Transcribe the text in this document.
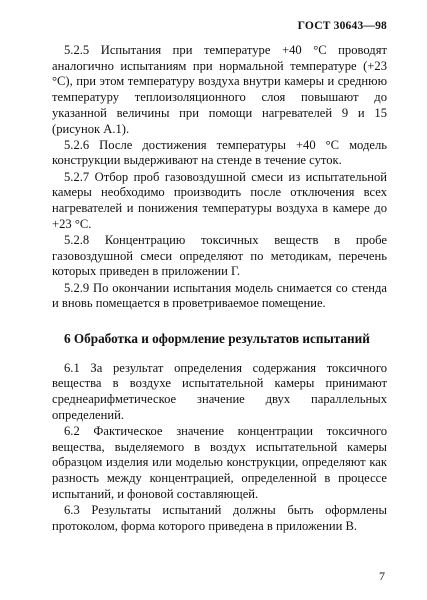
ГОСТ 30643—98

5.2.5 Испытания при температуре +40 °С проводят аналогично испытаниям при нормальной температуре (+23 °С), при этом температуру воздуха внутри камеры и среднюю температуру теплоизоляционного слоя повышают до указанной величины при помощи нагревателей 9 и 15 (рисунок А.1).

5.2.6 После достижения температуры +40 °С модель конструкции выдерживают на стенде в течение суток.

5.2.7 Отбор проб газовоздушной смеси из испытательной камеры необходимо производить после отключения всех нагревателей и понижения температуры воздуха в камере до +23 °С.

5.2.8 Концентрацию токсичных веществ в пробе газовоздушной смеси определяют по методикам, перечень которых приведен в приложении Г.

5.2.9 По окончании испытания модель снимается со стенда и вновь помещается в проветриваемое помещение.

6 Обработка и оформление результатов испытаний

6.1 За результат определения содержания токсичного вещества в воздухе испытательной камеры принимают среднеарифметическое значение двух параллельных определений.

6.2 Фактическое значение концентрации токсичного вещества, выделяемого в воздух испытательной камеры образцом изделия или моделью конструкции, определяют как разность между концентрацией, определенной в процессе испытаний, и фоновой составляющей.

6.3 Результаты испытаний должны быть оформлены протоколом, форма которого приведена в приложении В.

7
